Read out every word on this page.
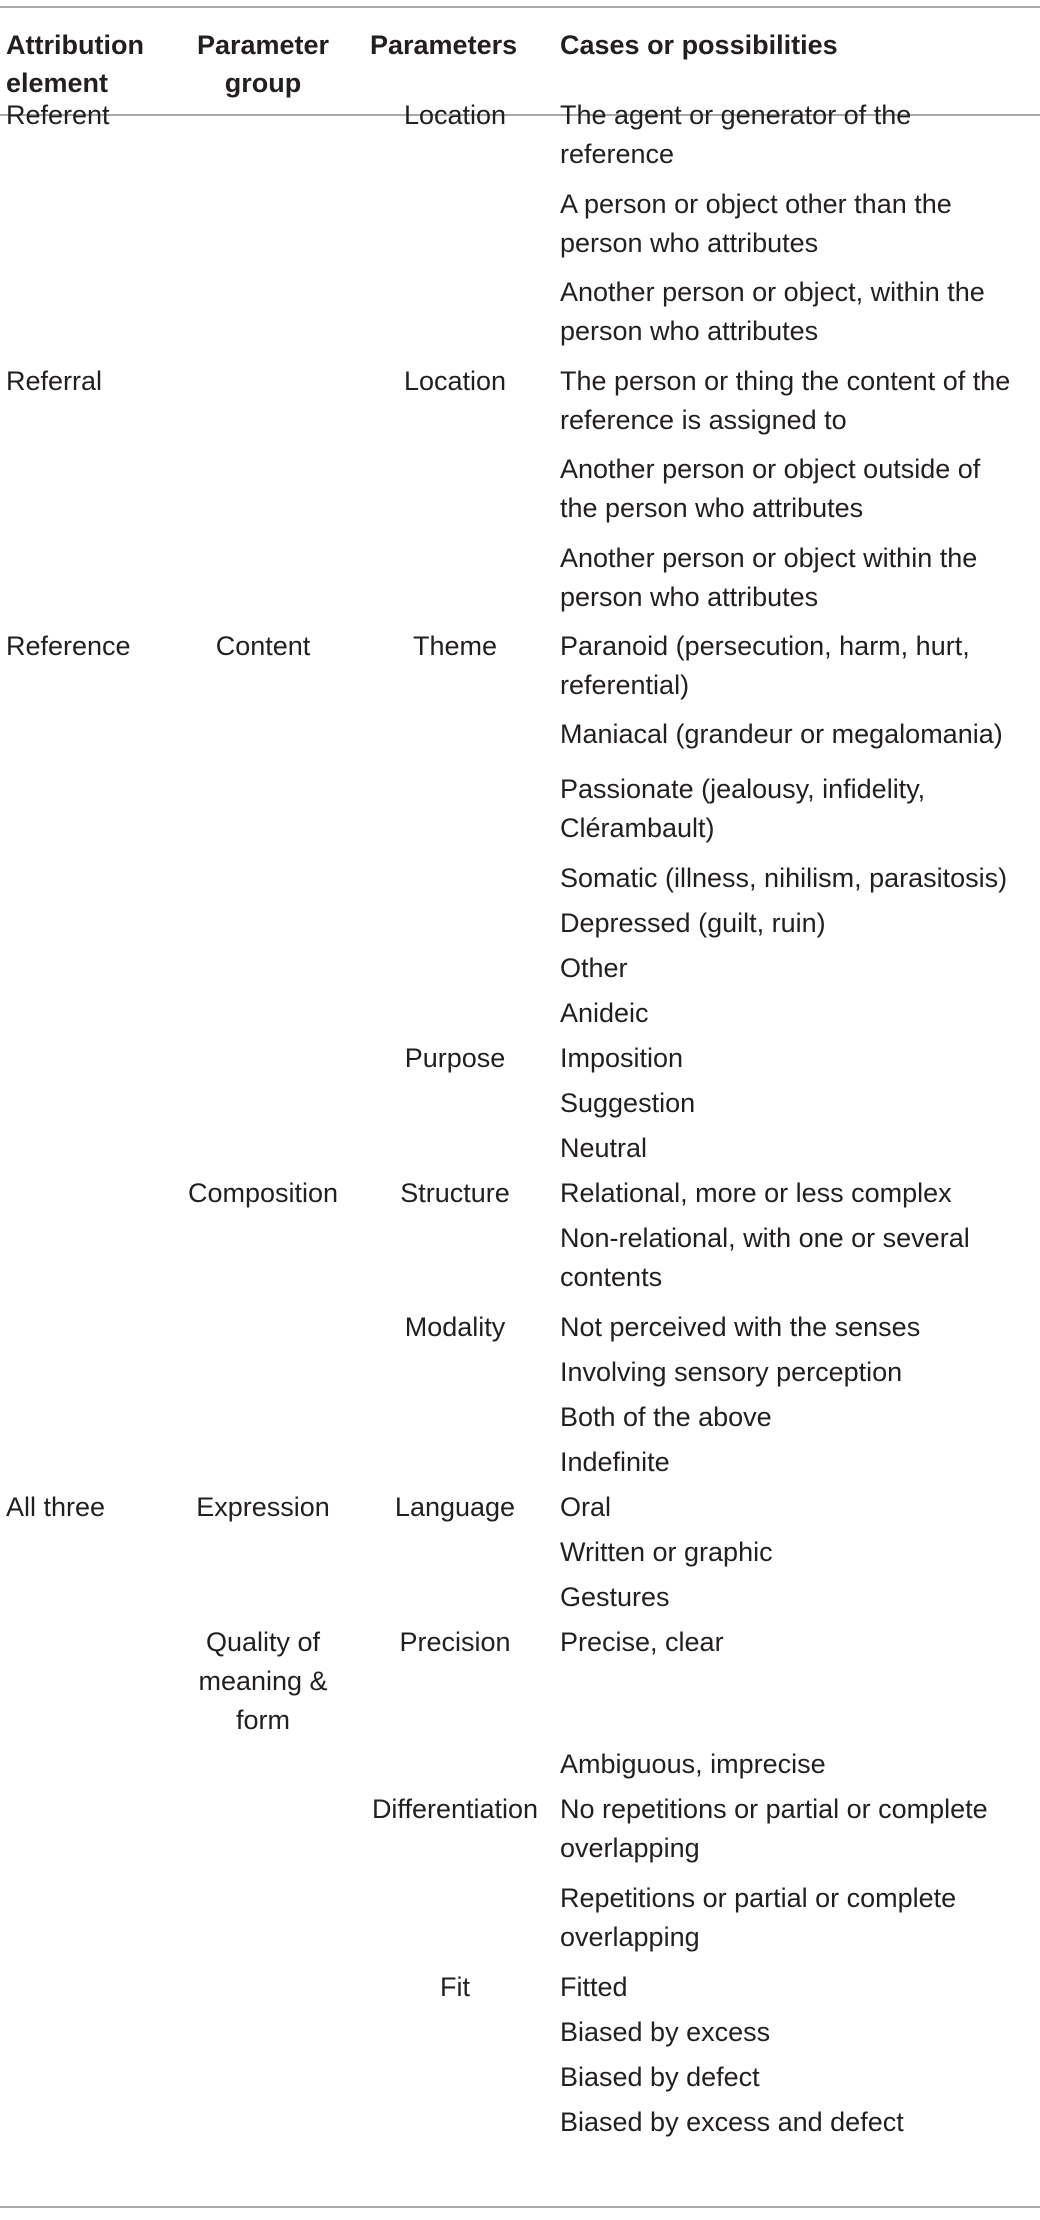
Attribution
element
Parameter
group
Parameters	Cases or possibilities
Referent
Referral
Reference
All three
Content
Composition
Expression
Quality of
meaning &
form
Location
Location
Theme
Purpose
Structure
Modality
Language
Precision
Differentiation
Fit
The agent or generator of the
reference
A person or object other than the
person who attributes
Another person or object, within the
person who attributes
The person or thing the content of the
reference is assigned to
Another person or object outside of
the person who attributes
Another person or object within the
person who attributes
Paranoid (persecution, harm, hurt,
referential)
Maniacal (grandeur or megalomania)
Passionate (jealousy, infidelity,
Clérambault)
Somatic (illness, nihilism, parasitosis)
Depressed (guilt, ruin)
Other
Anideic
Imposition
Suggestion
Neutral
Relational, more or less complex
Non-relational, with one or several
contents
Not perceived with the senses
Involving sensory perception
Both of the above
Indefinite
Oral
Written or graphic
Gestures
Precise, clear
Ambiguous, imprecise
No repetitions or partial or complete
overlapping
Repetitions or partial or complete
overlapping
Fitted
Biased by excess
Biased by defect
Biased by excess and defect
